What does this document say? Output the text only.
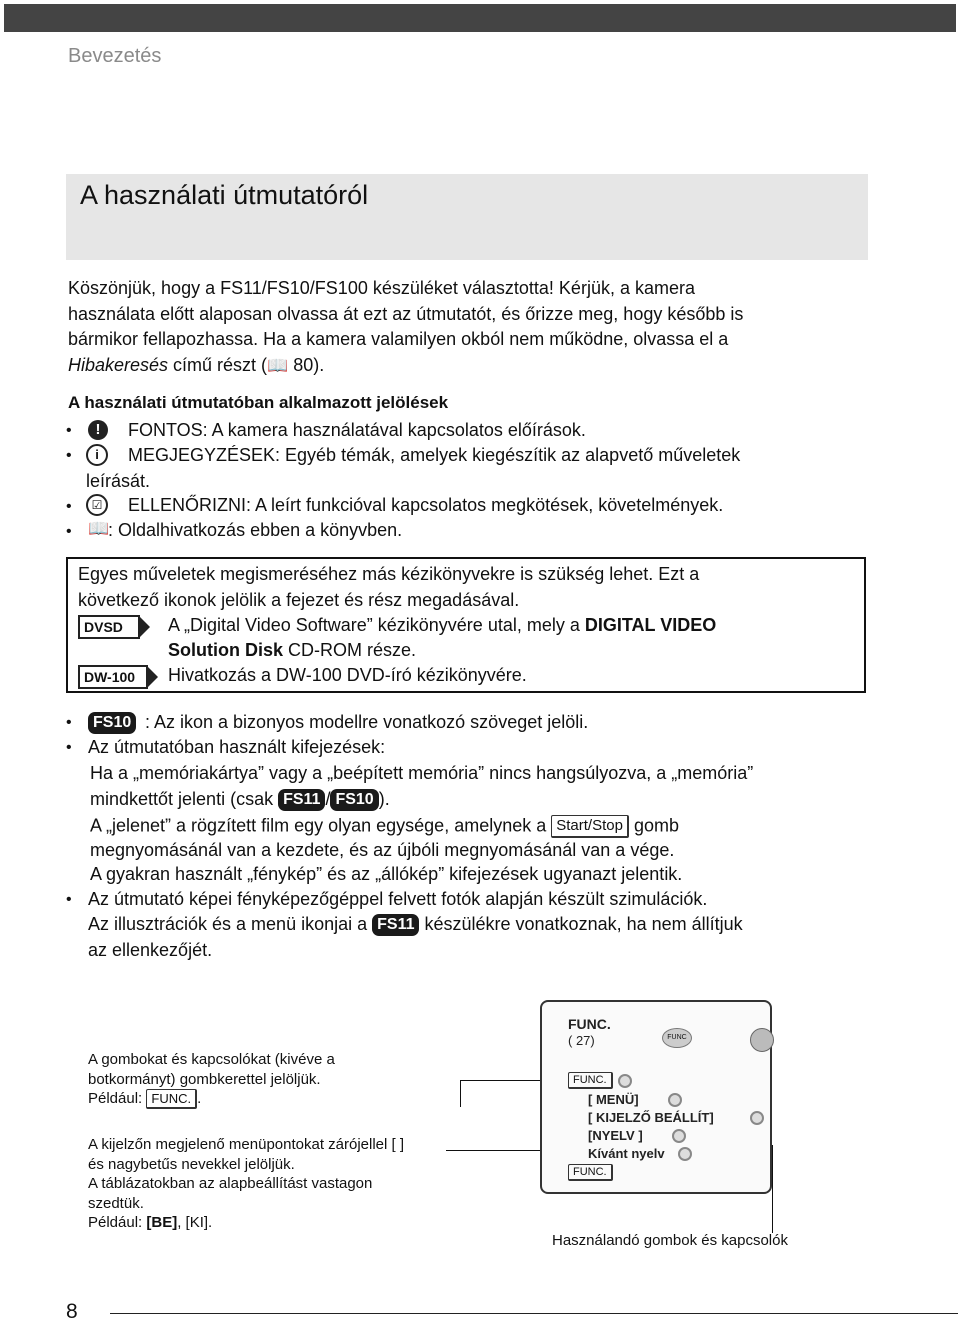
Bevezetés
A használati útmutatóról
Köszönjük, hogy a FS11/FS10/FS100 készüléket választotta! Kérjük, a kamera
használata előtt alaposan olvassa át ezt az útmutatót, és őrizze meg, hogy később is
bármikor fellapozhassa. Ha a kamera valamilyen okból nem működne, olvassa el a
Hibakeresés című részt (📖 80).
A használati útmutatóban alkalmazott jelölések
•	!	FONTOS: A kamera használatával kapcsolatos előírások.
•	i	MEGJEGYZÉSEK: Egyéb témák, amelyek kiegészítik az alapvető műveletek
leírását.
•	☑	ELLENŐRIZNI: A leírt funkcióval kapcsolatos megkötések, követelmények.
• 📖
: Oldalhivatkozás ebben a könyvben.
Egyes műveletek megismeréséhez más kézikönyvekre is szükség lehet. Ezt a
következő ikonok jelölik a fejezet és rész megadásával.
DVSD	A „Digital Video Software” kézikönyvére utal, mely a DIGITAL VIDEO
Solution Disk CD-ROM része.
DW-100	Hivatkozás a DW-100 DVD-író kézikönyvére.
•	FS10 : Az ikon a bizonyos modellre vonatkozó szöveget jelöli.
• Az útmutatóban használt kifejezések:
Ha a „memóriakártya” vagy a „beépített memória” nincs hangsúlyozva, a „memória”
mindkettőt jelenti (csak FS11 / FS10 ).
A „jelenet” a rögzített film egy olyan egysége, amelynek a Start/Stop gomb
megnyomásánál van a kezdete, és az újbóli megnyomásánál van a vége.
A gyakran használt „fénykép” és az „állókép” kifejezések ugyanazt jelentik.
• Az útmutató képei fényképezőgéppel felvett fotók alapján készült szimulációk.
Az illusztrációk és a menü ikonjai a FS11 készülékre vonatkoznak, ha nem állítjuk
az ellenkezőjét.
A gombokat és kapcsolókat (kivéve a
botkormányt) gombkerettel jelöljük.
Például: FUNC. .
A kijelzőn megjelenő menüpontokat zárójellel [ ]
és nagybetűs nevekkel jelöljük.
A táblázatokban az alapbeállítást vastagon
szedtük.
Például: [BE], [KI].
FUNC.
( 27)	FUNC
FUNC.
[ MENÜ]
[ KIJELZŐ BEÁLLÍT]
[NYELV ]
Kívánt nyelv
FUNC.
Használandó gombok és kapcsolók
8
